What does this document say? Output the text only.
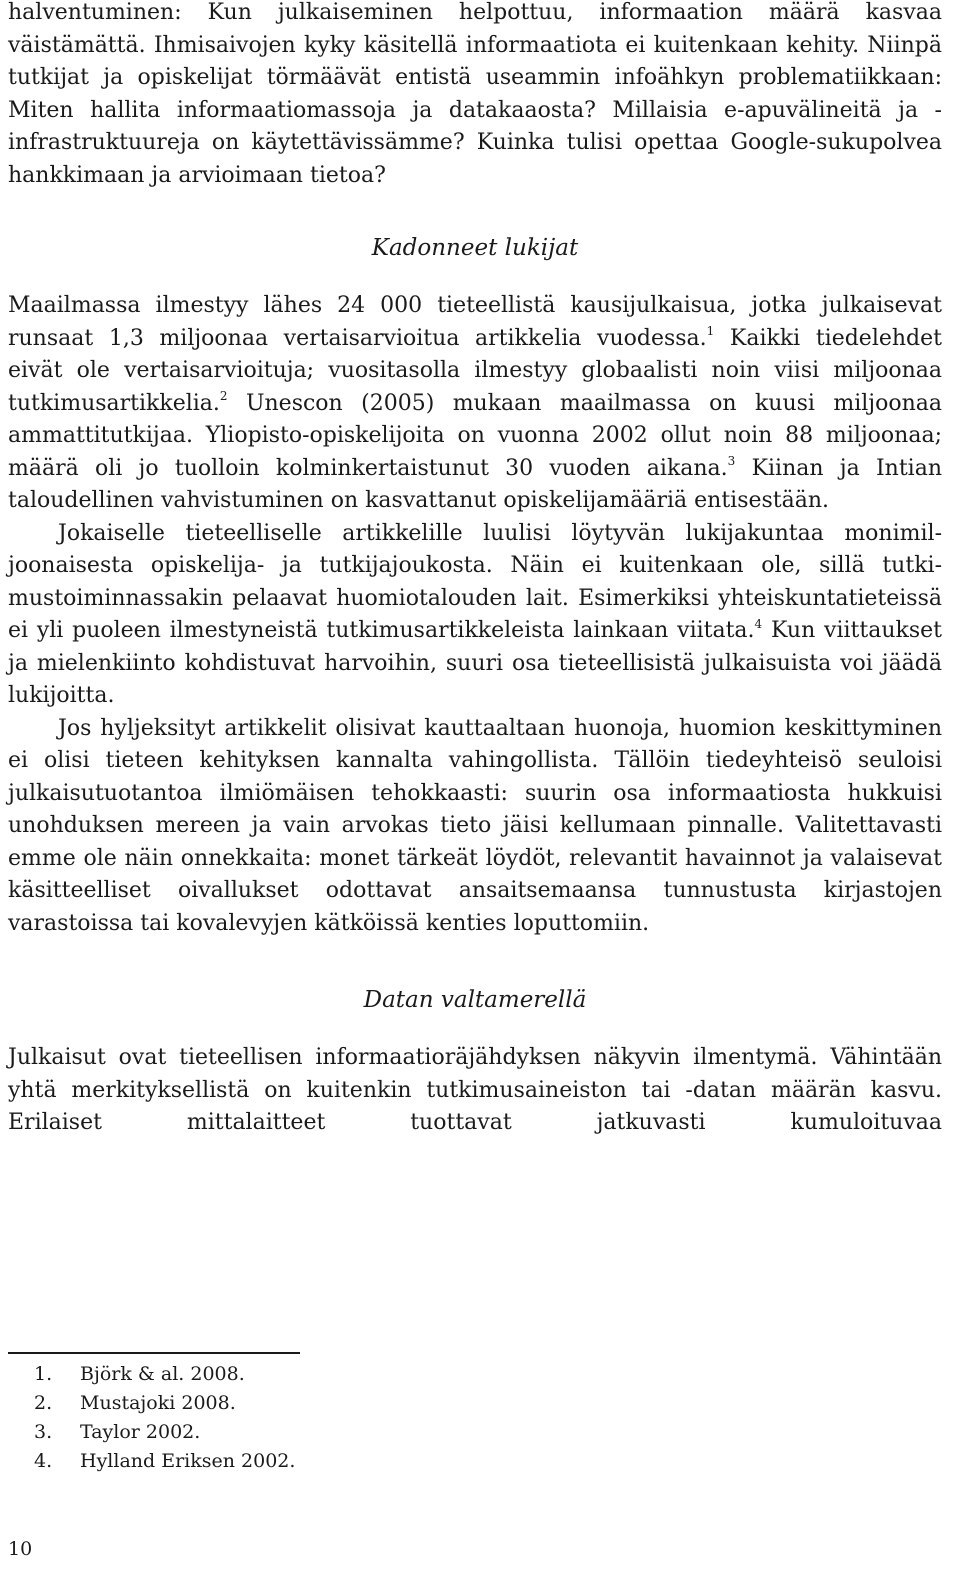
halventuminen: Kun julkaiseminen helpottuu, informaation määrä kasvaa väistämättä. Ihmisaivojen kyky käsitellä informaatiota ei kuitenkaan kehity. Niinpä tutkijat ja opiskelijat törmäävät entistä useammin infoähkyn problematiikkaan: Miten hallita informaatiomassoja ja datakaaosta? Millaisia e-apuvälineitä ja -infrastruktuureja on käytettävissämme? Kuinka tulisi opettaa Google-sukupolvea hankkimaan ja arvioimaan tietoa?

Kadonneet lukijat

Maailmassa ilmestyy lähes 24 000 tieteellistä kausijulkaisua, jotka julkaisevat runsaat 1,3 miljoonaa vertaisarvioitua artikkelia vuodessa.$^1$ Kaikki tiedelehdet eivät ole vertaisarvioituja; vuositasolla ilmestyy globaalisti noin viisi miljoonaa tutkimusartikkelia.$^2$ Unescon (2005) mukaan maailmassa on kuusi miljoonaa ammattitutkijaa. Yliopisto-opiskelijoita on vuonna 2002 ollut noin 88 miljoonaa; määrä oli jo tuolloin kolminkertaistunut 30 vuoden aikana.$^3$ Kiinan ja Intian taloudellinen vahvistuminen on kasvattanut opiskelijamääriä entisestään.

Jokaiselle tieteelliselle artikkelille luulisi löytyvän lukijakuntaa monimiljoonaisesta opiskelija- ja tutkijajoukosta. Näin ei kuitenkaan ole, sillä tutkimustoiminnassakin pelaavat huomiotalouden lait. Esimerkiksi yhteiskuntatieteissä ei yli puoleen ilmestyneistä tutkimusartikkeleista lainkaan viitata.$^4$ Kun viittaukset ja mielenkiinto kohdistuvat harvoihin, suuri osa tieteellisistä julkaisuista voi jäädä lukijoitta.

Jos hyljeksityt artikkelit olisivat kauttaaltaan huonoja, huomion keskittyminen ei olisi tieteen kehityksen kannalta vahingollista. Tällöin tiedeyhteisö seuloisi julkaisutuotantoa ilmiömäisen tehokkaasti: suurin osa informaatiosta hukkuisi unohduksen mereen ja vain arvokas tieto jäisi kellumaan pinnalle. Valitettavasti emme ole näin onnekkaita: monet tärkeät löydöt, relevantit havainnot ja valaisevat käsitteelliset oivallukset odottavat ansaitsemaansa tunnustusta kirjastojen varastoissa tai kovalevyjen kätköissä kenties loputtomiin.

Datan valtamerellä

Julkaisut ovat tieteellisen informaatioräjähdyksen näkyvin ilmentymä. Vähintään yhtä merkityksellistä on kuitenkin tutkimusaineiston tai -datan määrän kasvu. Erilaiset mittalaitteet tuottavat jatkuvasti kumuloituvaa

1.	Björk & al. 2008.
2.	Mustajoki 2008.
3.	Taylor 2002.
4.	Hylland Eriksen 2002.
10
